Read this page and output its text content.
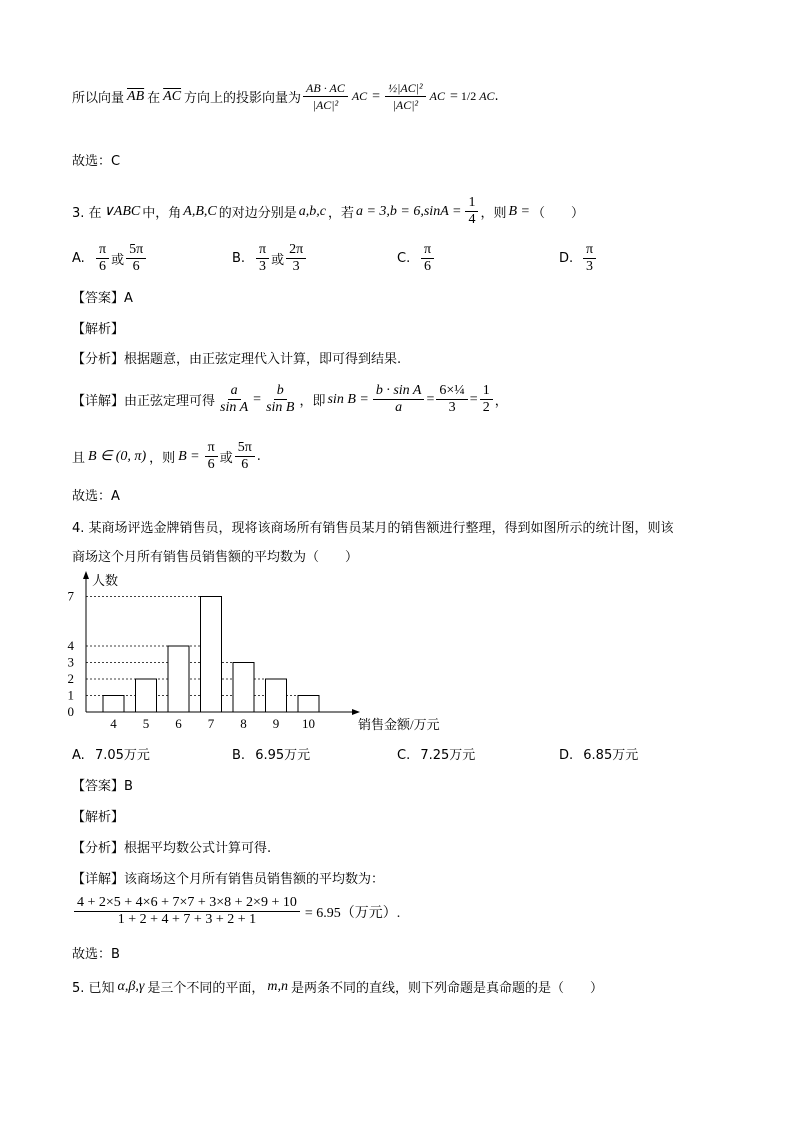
所以向量 $\overline{AB}$ 在 $\overline{AC}$ 方向上的投影向量为 $\frac{AB \cdot AC}{\text{|AC|²}}$ AC = $\frac{\text{½|AC|²}}{\text{|AC|²}}$ AC = 1/2 AC .
故选：C
3. 在 ∨ABC 中，角 A,B,C 的对边分别是 a,b,c ，若 $a = 3,b = 6,\sin A = \frac{1}{4}$ ，则 B = （　　）
A. $\frac{\pi}{6}$ 或 $\frac{5\pi}{6}$	B. $\frac{\pi}{3}$ 或 $\frac{2\pi}{3}$	C. $\frac{\pi}{6}$	D. $\frac{\pi}{3}$
【答案】A
【解析】
【分析】根据题意，由正弦定理代入计算，即可得到结果.
【详解】 由正弦定理可得 $\frac{a}{\text{sin A}} = \frac{b}{\text{sin B}}$ ，即 $\sin B = \frac{\text{b · sin A}}{a} = \frac{\text{6×¼}}{3} = \frac{1}{2}$ ，
且 B ∈ (0, π) ，则 $B = \frac{\pi}{6}$ 或 $\frac{5\pi}{6}$ .
故选：A
4. 某商场评选金牌销售员，现将该商场所有销售员某月的销售额进行整理，得到如图所示的统计图，则该
商场这个月所有销售员销售额的平均数为（　　）
人数
销售金额/万元
0
1
2
3
4
7
4 5 6 7 8 9 10
A. 7.05万元	B. 6.95万元	C. 7.25万元	D. 6.85万元
【答案】B
【解析】
【分析】根据平均数公式计算可得.
【详解】该商场这个月所有销售员销售额的平均数为：
$\frac{4 + 2\times 5 + 4\times 6 + 7\times 7 + 3\times 8 + 2\times 9 + 10}{1 + 2 + 4 + 7 + 3 + 2 + 1} = 6.95$（万元）.
故选：B
5. 已知 α,β,γ 是三个不同的平面， m,n 是两条不同的直线，则下列命题是真命题的是（　　）
